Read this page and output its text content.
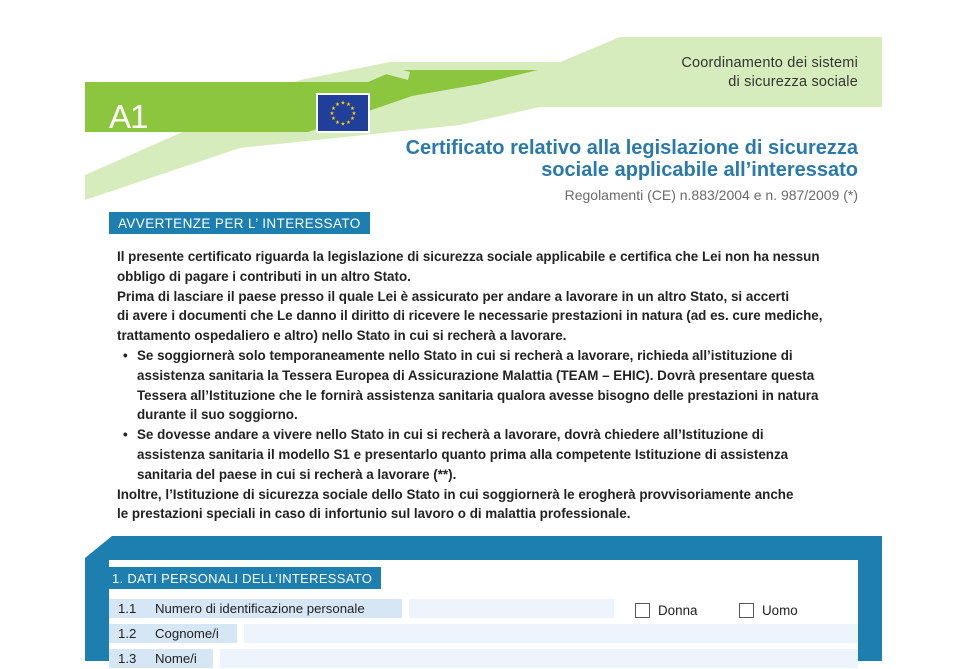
Coordinamento dei sistemi
di sicurezza sociale
A1	★ ★
★
★
★
★
★
★
★
★
★
★
Certificato relativo alla legislazione di sicurezza
sociale applicabile all’interessato
Regolamenti (CE) n.883/2004 e n. 987/2009 (*)
AVVERTENZE PER L’ INTERESSATO

Il presente certificato riguarda la legislazione di sicurezza sociale applicabile e certifica che Lei non ha nessun
obbligo di pagare i contributi in un altro Stato.

Prima di lasciare il paese presso il quale Lei è assicurato per andare a lavorare in un altro Stato, si accerti
di avere i documenti che Le danno il diritto di ricevere le necessarie prestazioni in natura (ad es. cure mediche,
trattamento ospedaliero e altro) nello Stato in cui si recherà a lavorare.

• Se soggiornerà solo temporaneamente nello Stato in cui si recherà a lavorare, richieda all’istituzione di
assistenza sanitaria la Tessera Europea di Assicurazione Malattia (TEAM – EHIC). Dovrà presentare questa
Tessera all’Istituzione che le fornirà assistenza sanitaria qualora avesse bisogno delle prestazioni in natura
durante il suo soggiorno.
• Se dovesse andare a vivere nello Stato in cui si recherà a lavorare, dovrà chiedere all’Istituzione di
assistenza sanitaria il modello S1 e presentarlo quanto prima alla competente Istituzione di assistenza
sanitaria del paese in cui si recherà a lavorare (**).

Inoltre, l’Istituzione di sicurezza sociale dello Stato in cui soggiornerà le erogherà provvisoriamente anche
le prestazioni speciali in caso di infortunio sul lavoro o di malattia professionale.

1. DATI PERSONALI DELL’INTERESSATO
1.1 Numero di identificazione personale	Donna	Uomo
1.2 Cognome/i
1.3 Nome/i
